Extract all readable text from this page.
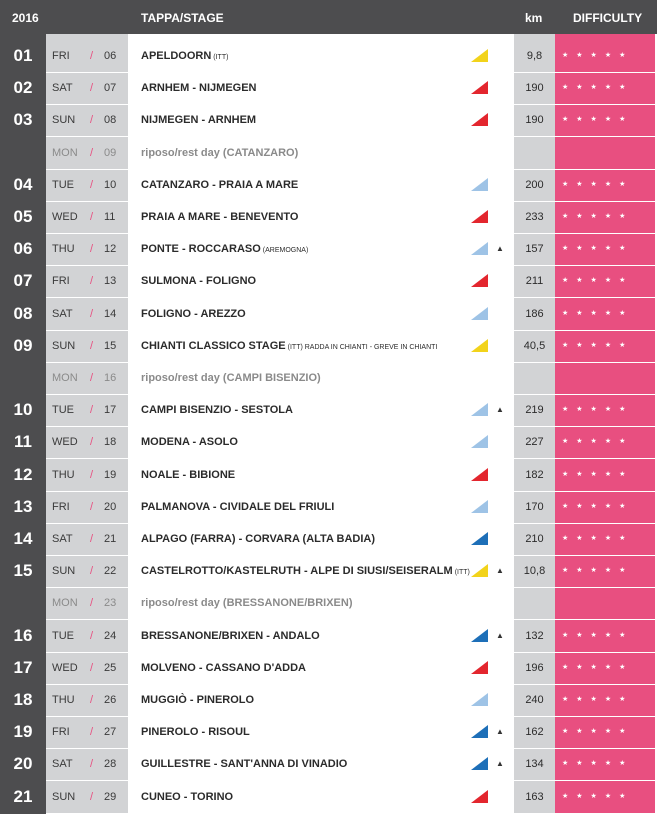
2016	TAPPA/STAGE	km	DIFFICULTY
01	FRI / 06 APELDOORN (ITT)	9,8	★★★★★
02	SAT / 07 ARNHEM - NIJMEGEN	190	★★★★★
03	SUN / 08 NIJMEGEN - ARNHEM	190	★★★★★
MON / 09 riposo/rest day (CATANZARO)
04	TUE / 10 CATANZARO - PRAIA A MARE	200	★★★★★
05	WED / 11 PRAIA A MARE - BENEVENTO	233	★★★★★
06	THU / 12 PONTE - ROCCARASO (AREMOGNA)	▲	157	★★★★★
07	FRI / 13 SULMONA - FOLIGNO	211	★★★★★
08	SAT / 14 FOLIGNO - AREZZO	186	★★★★★
09	SUN / 15 CHIANTI CLASSICO STAGE (ITT) RADDA IN CHIANTI - GREVE IN CHIANTI	40,5	★★★★★
MON / 16 riposo/rest day (CAMPI BISENZIO)
10	TUE / 17 CAMPI BISENZIO - SESTOLA	▲	219	★★★★★
11	WED / 18 MODENA - ASOLO	227	★★★★★
12	THU / 19 NOALE - BIBIONE	182	★★★★★
13	FRI / 20 PALMANOVA - CIVIDALE DEL FRIULI	170	★★★★★
14	SAT / 21 ALPAGO (FARRA) - CORVARA (ALTA BADIA)	210	★★★★★
15	SUN / 22 CASTELROTTO/KASTELRUTH - ALPE DI SIUSI/SEISERALM (ITT)	▲	10,8	★★★★★
MON / 23 riposo/rest day (BRESSANONE/BRIXEN)
16	TUE / 24 BRESSANONE/BRIXEN - ANDALO	▲	132	★★★★★
17	WED / 25 MOLVENO - CASSANO D'ADDA	196	★★★★★
18	THU / 26 MUGGIÒ - PINEROLO	240	★★★★★
19	FRI / 27 PINEROLO - RISOUL	▲	162	★★★★★
20	SAT / 28 GUILLESTRE - SANT'ANNA DI VINADIO	▲	134	★★★★★
21	SUN / 29 CUNEO - TORINO	163	★★★★★
